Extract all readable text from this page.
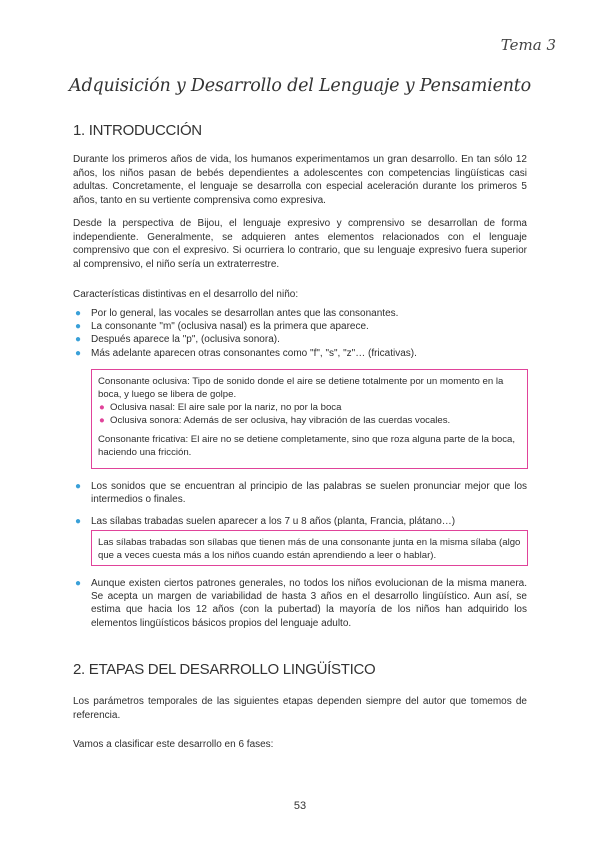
Tema 3
Adquisición y Desarrollo del Lenguaje y Pensamiento
1. INTRODUCCIÓN
Durante los primeros años de vida, los humanos experimentamos un gran desarrollo. En tan sólo 12 años, los niños pasan de bebés dependientes a adolescentes con competencias lingüísticas casi adultas. Concretamente, el lenguaje se desarrolla con especial aceleración durante los primeros 5 años, tanto en su vertiente comprensiva como expresiva.
Desde la perspectiva de Bijou, el lenguaje expresivo y comprensivo se desarrollan de forma independiente. Generalmente, se adquieren antes elementos relacionados con el lenguaje comprensivo que con el expresivo. Si ocurriera lo contrario, que su lenguaje expresivo fuera superior al comprensivo, el niño sería un extraterrestre.
Características distintivas en el desarrollo del niño:
● Por lo general, las vocales se desarrollan antes que las consonantes.
● La consonante "m" (oclusiva nasal) es la primera que aparece.
● Después aparece la "p", (oclusiva sonora).
● Más adelante aparecen otras consonantes como "f", "s", "z"… (fricativas).
Consonante oclusiva: Tipo de sonido donde el aire se detiene totalmente por un momento en la boca, y luego se libera de golpe.
● Oclusiva nasal: El aire sale por la nariz, no por la boca
● Oclusiva sonora: Además de ser oclusiva, hay vibración de las cuerdas vocales.
Consonante fricativa: El aire no se detiene completamente, sino que roza alguna parte de la boca, haciendo una fricción.
● Los sonidos que se encuentran al principio de las palabras se suelen pronunciar mejor que los intermedios o finales.
● Las sílabas trabadas suelen aparecer a los 7 u 8 años (planta, Francia, plátano…)
Las sílabas trabadas son sílabas que tienen más de una consonante junta en la misma sílaba (algo que a veces cuesta más a los niños cuando están aprendiendo a leer o hablar).
● Aunque existen ciertos patrones generales, no todos los niños evolucionan de la misma manera. Se acepta un margen de variabilidad de hasta 3 años en el desarrollo lingüístico. Aun así, se estima que hacia los 12 años (con la pubertad) la mayoría de los niños han adquirido los elementos lingüísticos básicos propios del lenguaje adulto.
2. ETAPAS DEL DESARROLLO LINGÜÍSTICO
Los parámetros temporales de las siguientes etapas dependen siempre del autor que tomemos de referencia.
Vamos a clasificar este desarrollo en 6 fases:
53
